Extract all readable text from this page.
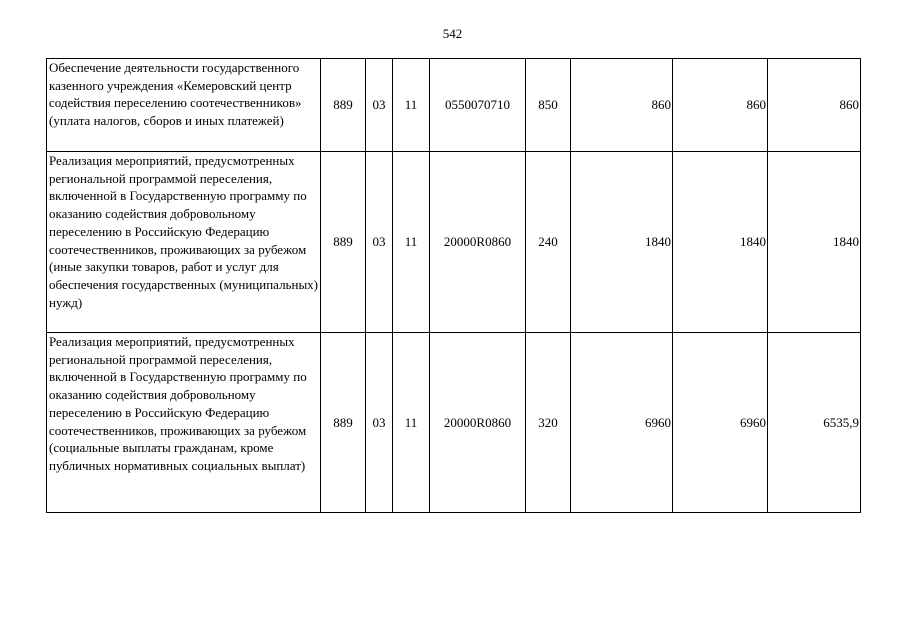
542
Обеспечение деятельности государственного казенного учреждения «Кемеровский центр содействия переселению соотечественников» (уплата налогов, сборов и иных платежей)	889	03	11	0550070710	850	860	860	860
Реализация мероприятий, предусмотренных региональной программой переселения, включенной в Государственную программу по оказанию содействия добровольному переселению в Российскую Федерацию соотечественников, проживающих за рубежом (иные закупки товаров, работ и услуг для обеспечения государственных (муниципальных) нужд)	889	03	11	20000R0860	240	1840	1840	1840
Реализация мероприятий, предусмотренных региональной программой переселения, включенной в Государственную программу по оказанию содействия добровольному переселению в Российскую Федерацию соотечественников, проживающих за рубежом (социальные выплаты гражданам, кроме публичных нормативных социальных выплат)	889	03	11	20000R0860	320	6960	6960	6535,9
